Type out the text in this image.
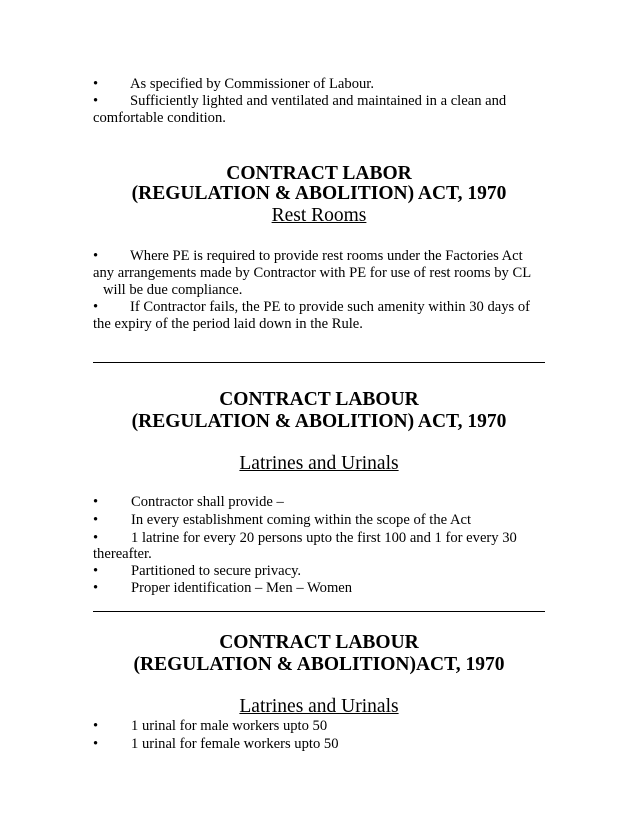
• As specified by Commissioner of Labour.
• Sufficiently lighted and ventilated and maintained in a clean and
comfortable condition.
CONTRACT LABOR
(REGULATION & ABOLITION) ACT, 1970
Rest Rooms
• Where PE is required to provide rest rooms under the Factories Act
any arrangements made by Contractor with PE for use of rest rooms by CL
will be due compliance.
• If Contractor fails, the PE to provide such amenity within 30 days of
the expiry of the period laid down in the Rule.
CONTRACT LABOUR
(REGULATION & ABOLITION) ACT, 1970
Latrines and Urinals
• Contractor shall provide –
• In every establishment coming within the scope of the Act
• 1 latrine for every 20 persons upto the first 100 and 1 for every 30
thereafter.
• Partitioned to secure privacy.
• Proper identification – Men – Women
CONTRACT LABOUR
(REGULATION & ABOLITION)ACT, 1970
Latrines and Urinals
• 1 urinal for male workers upto 50
• 1 urinal for female workers upto 50
